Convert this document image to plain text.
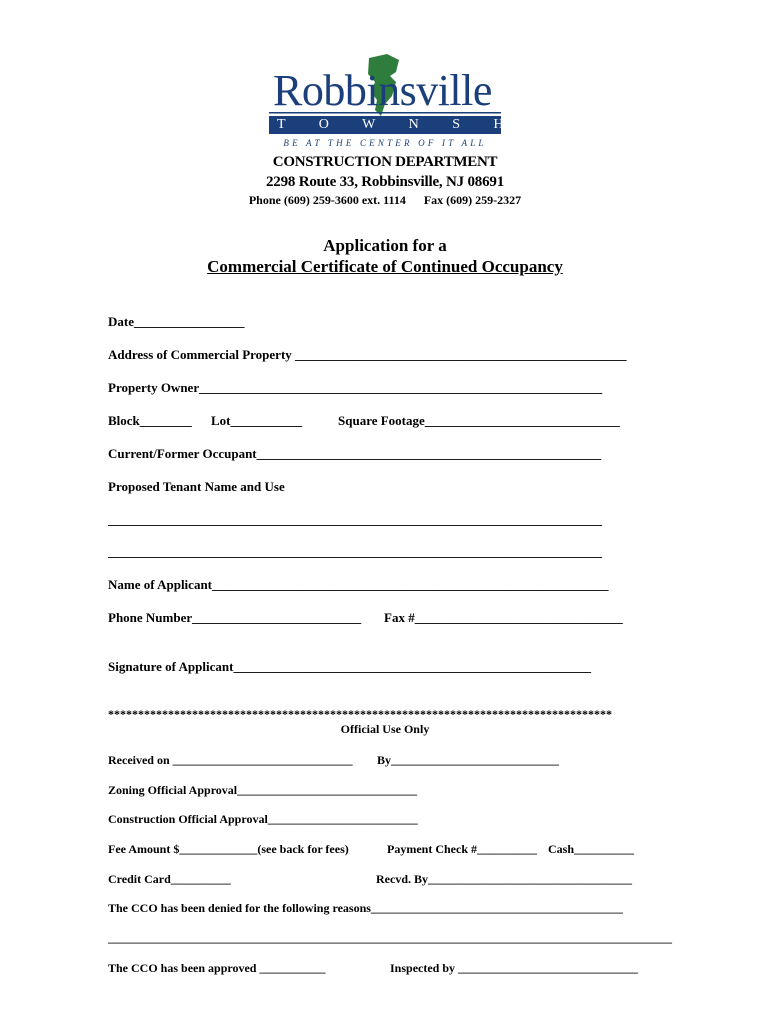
Robbinsville
T O W N S H I P
BE AT THE CENTER OF IT ALL
CONSTRUCTION DEPARTMENT
2298 Route 33, Robbinsville, NJ 08691
Phone (609) 259-3600 ext. 1114 Fax (609) 259-2327
Application for a
Commercial Certificate of Continued Occupancy
Date_________________
Address of Commercial Property ___________________________________________________
Property Owner______________________________________________________________
Block________ Lot___________	Square Footage______________________________
Current/Former Occupant_____________________________________________________
Proposed Tenant Name and Use
____________________________________________________________________________
____________________________________________________________________________
Name of Applicant_____________________________________________________________
Phone Number__________________________ Fax #________________________________
Signature of Applicant_______________________________________________________
************************************************************************************
Official Use Only
Received on ______________________________ By____________________________
Zoning Official Approval______________________________
Construction Official Approval_________________________
Fee Amount $_____________(see back for fees)	Payment Check #__________ Cash__________
Credit Card__________	Recvd. By__________________________________
The CCO has been denied for the following reasons__________________________________________
______________________________________________________________________________________________
The CCO has been approved ___________	Inspected by ______________________________
